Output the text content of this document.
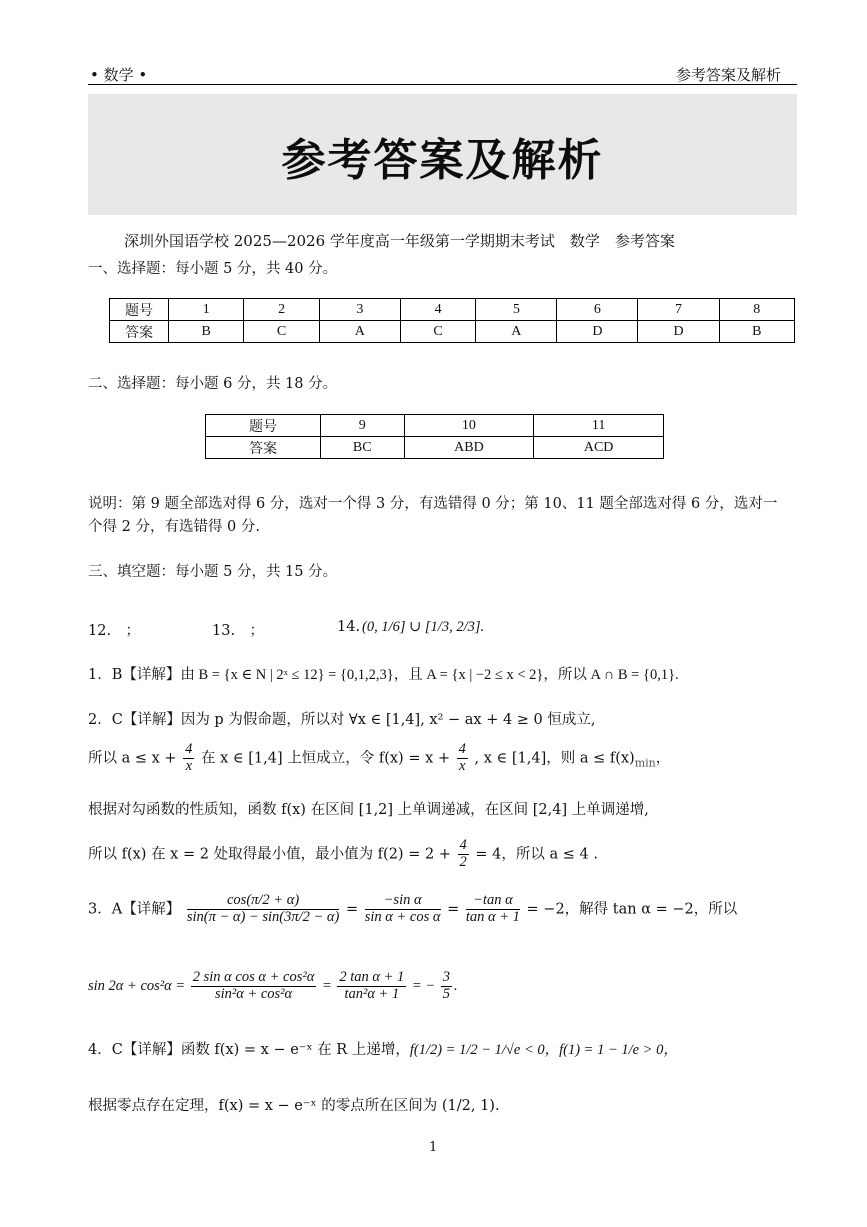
• 数学 •	参考答案及解析
参考答案及解析
深圳外国语学校 2025—2026 学年度高一年级第一学期期末考试　数学　参考答案
一、选择题：每小题 5 分，共 40 分。
题号	1	2	3	4	5	6	7	8
答案	B	C	A	C	A	D	D	B
二、选择题：每小题 6 分，共 18 分。
题号	9	10	11
答案	BC	ABD	ACD
说明：第 9 题全部选对得 6 分，选对一个得 3 分，有选错得 0 分；第 10、11 题全部选对得 6 分，选对一
个得 2 分，有选错得 0 分.
三、填空题：每小题 5 分，共 15 分。
12.　；	13.　；	14. (0, 1/6] ∪ [1/3, 2/3].
1．B【详解】由 B = {x ∈ N | 2ˣ ≤ 12} = {0,1,2,3}，且 A = {x | −2 ≤ x < 2}，所以 A ∩ B = {0,1}.
2．C【详解】因为 p 为假命题，所以对 ∀x ∈ [1,4], x² − ax + 4 ≥ 0 恒成立,
所以 $a \le x + \frac{4}{x}$ 在 x ∈ [1,4] 上恒成立，令 $f(x) = x + \frac{4}{x}$ , x ∈ [1,4]，则 $a \le f(x)_{min}$，
根据对勾函数的性质知，函数 f(x) 在区间 [1,2] 上单调递减，在区间 [2,4] 上单调递增,
所以 f(x) 在 x = 2 处取得最小值，最小值为 $f(2) = 2 + \frac{4}{2} = 4$，所以 a ≤ 4 .
3．A【详解】 $\frac{\cos(\pi/2 + \alpha)}{\sin(\pi - \alpha) - \sin(3\pi/2 - \alpha)} = \frac{\text{−sin α}}{\text{sin α + cos α}} = \frac{\text{−tan α}}{\text{tan α + 1}} = -2$，解得 tan α = −2，所以
$\sin 2\alpha + \cos^2\alpha = \frac{\text{2 sin α cos α + cos²α}}{\text{sin²α + cos²α}} = \frac{\text{2 tan α + 1}}{\text{tan²α + 1}}$ = − $\frac{3}{5}$ .
4．C【详解】函数 f(x) = x − e⁻ˣ 在 R 上递增，f(1/2) = 1/2 − 1/√e < 0，f(1) = 1 − 1/e > 0，
根据零点存在定理，f(x) = x − e⁻ˣ 的零点所在区间为 (1/2, 1).
1
